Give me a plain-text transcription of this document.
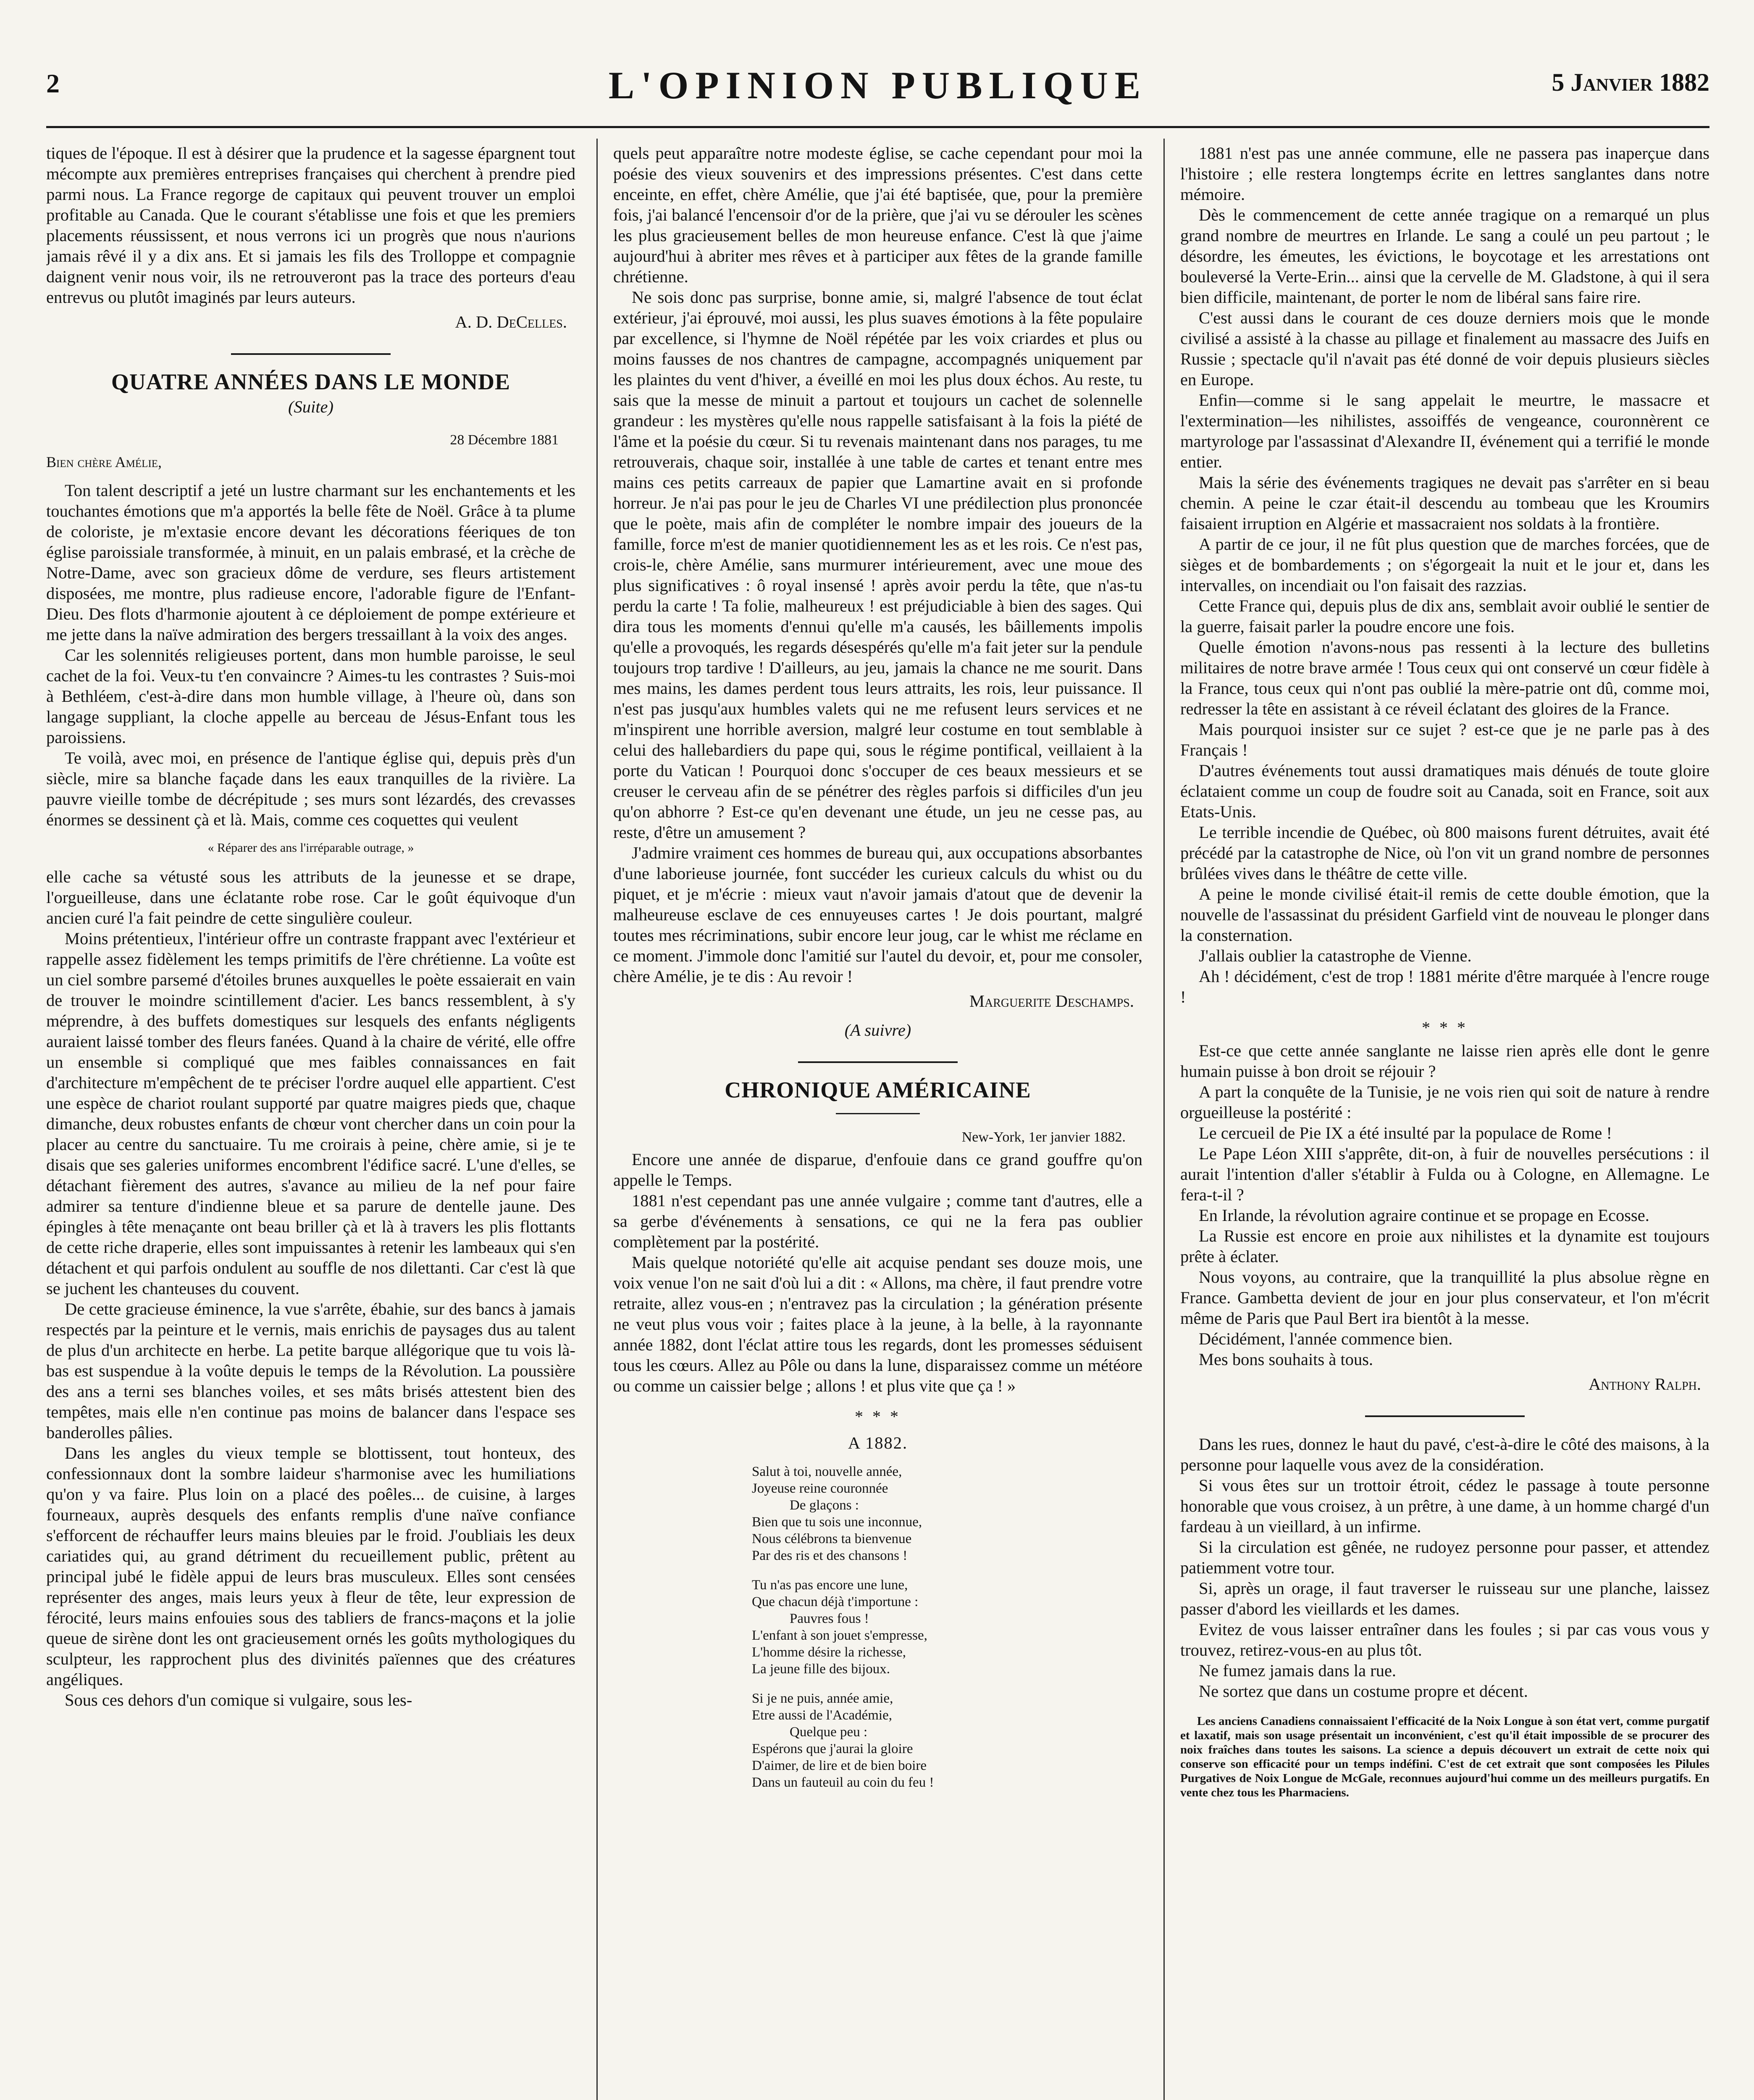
2	L'OPINION PUBLIQUE	5 Janvier 1882

tiques de l'époque. Il est à désirer que la prudence et la sagesse épargnent tout mécompte aux premières entreprises françaises qui cherchent à prendre pied parmi nous. La France regorge de capitaux qui peuvent trouver un emploi profitable au Canada. Que le courant s'établisse une fois et que les premiers placements réussissent, et nous verrons ici un progrès que nous n'aurions jamais rêvé il y a dix ans. Et si jamais les fils des Trolloppe et compagnie daignent venir nous voir, ils ne retrouveront pas la trace des porteurs d'eau entrevus ou plutôt imaginés par leurs auteurs.

A. D. DeCelles.

QUATRE ANNÉES DANS LE MONDE

(Suite)

28 Décembre 1881

Bien chère Amélie,

Ton talent descriptif a jeté un lustre charmant sur les enchantements et les touchantes émotions que m'a apportés la belle fête de Noël. Grâce à ta plume de coloriste, je m'extasie encore devant les décorations féeriques de ton église paroissiale transformée, à minuit, en un palais embrasé, et la crèche de Notre-Dame, avec son gracieux dôme de verdure, ses fleurs artistement disposées, me montre, plus radieuse encore, l'adorable figure de l'Enfant-Dieu. Des flots d'harmonie ajoutent à ce déploiement de pompe extérieure et me jette dans la naïve admiration des bergers tressaillant à la voix des anges.

Car les solennités religieuses portent, dans mon humble paroisse, le seul cachet de la foi. Veux-tu t'en convaincre ? Aimes-tu les contrastes ? Suis-moi à Bethléem, c'est-à-dire dans mon humble village, à l'heure où, dans son langage suppliant, la cloche appelle au berceau de Jésus-Enfant tous les paroissiens.

Te voilà, avec moi, en présence de l'antique église qui, depuis près d'un siècle, mire sa blanche façade dans les eaux tranquilles de la rivière. La pauvre vieille tombe de décrépitude ; ses murs sont lézardés, des crevasses énormes se dessinent çà et là. Mais, comme ces coquettes qui veulent

« Réparer des ans l'irréparable outrage, »

elle cache sa vétusté sous les attributs de la jeunesse et se drape, l'orgueilleuse, dans une éclatante robe rose. Car le goût équivoque d'un ancien curé l'a fait peindre de cette singulière couleur.

Moins prétentieux, l'intérieur offre un contraste frappant avec l'extérieur et rappelle assez fidèlement les temps primitifs de l'ère chrétienne. La voûte est un ciel sombre parsemé d'étoiles brunes auxquelles le poète essaierait en vain de trouver le moindre scintillement d'acier. Les bancs ressemblent, à s'y méprendre, à des buffets domestiques sur lesquels des enfants négligents auraient laissé tomber des fleurs fanées. Quand à la chaire de vérité, elle offre un ensemble si compliqué que mes faibles connaissances en fait d'architecture m'empêchent de te préciser l'ordre auquel elle appartient. C'est une espèce de chariot roulant supporté par quatre maigres pieds que, chaque dimanche, deux robustes enfants de chœur vont chercher dans un coin pour la placer au centre du sanctuaire. Tu me croirais à peine, chère amie, si je te disais que ses galeries uniformes encombrent l'édifice sacré. L'une d'elles, se détachant fièrement des autres, s'avance au milieu de la nef pour faire admirer sa tenture d'indienne bleue et sa parure de dentelle jaune. Des épingles à tête menaçante ont beau briller çà et là à travers les plis flottants de cette riche draperie, elles sont impuissantes à retenir les lambeaux qui s'en détachent et qui parfois ondulent au souffle de nos dilettanti. Car c'est là que se juchent les chanteuses du couvent.

De cette gracieuse éminence, la vue s'arrête, ébahie, sur des bancs à jamais respectés par la peinture et le vernis, mais enrichis de paysages dus au talent de plus d'un architecte en herbe. La petite barque allégorique que tu vois là-bas est suspendue à la voûte depuis le temps de la Révolution. La poussière des ans a terni ses blanches voiles, et ses mâts brisés attestent bien des tempêtes, mais elle n'en continue pas moins de balancer dans l'espace ses banderolles pâlies.

Dans les angles du vieux temple se blottissent, tout honteux, des confessionnaux dont la sombre laideur s'harmonise avec les humiliations qu'on y va faire. Plus loin on a placé des poêles... de cuisine, à larges fourneaux, auprès desquels des enfants remplis d'une naïve confiance s'efforcent de réchauffer leurs mains bleuies par le froid. J'oubliais les deux cariatides qui, au grand détriment du recueillement public, prêtent au principal jubé le fidèle appui de leurs bras musculeux. Elles sont censées représenter des anges, mais leurs yeux à fleur de tête, leur expression de férocité, leurs mains enfouies sous des tabliers de francs-maçons et la jolie queue de sirène dont les ont gracieusement ornés les goûts mythologiques du sculpteur, les rapprochent plus des divinités païennes que des créatures angéliques.

Sous ces dehors d'un comique si vulgaire, sous les-

quels peut apparaître notre modeste église, se cache cependant pour moi la poésie des vieux souvenirs et des impressions présentes. C'est dans cette enceinte, en effet, chère Amélie, que j'ai été baptisée, que, pour la première fois, j'ai balancé l'encensoir d'or de la prière, que j'ai vu se dérouler les scènes les plus gracieusement belles de mon heureuse enfance. C'est là que j'aime aujourd'hui à abriter mes rêves et à participer aux fêtes de la grande famille chrétienne.

Ne sois donc pas surprise, bonne amie, si, malgré l'absence de tout éclat extérieur, j'ai éprouvé, moi aussi, les plus suaves émotions à la fête populaire par excellence, si l'hymne de Noël répétée par les voix criardes et plus ou moins fausses de nos chantres de campagne, accompagnés uniquement par les plaintes du vent d'hiver, a éveillé en moi les plus doux échos. Au reste, tu sais que la messe de minuit a partout et toujours un cachet de solennelle grandeur : les mystères qu'elle nous rappelle satisfaisant à la fois la piété de l'âme et la poésie du cœur. Si tu revenais maintenant dans nos parages, tu me retrouverais, chaque soir, installée à une table de cartes et tenant entre mes mains ces petits carreaux de papier que Lamartine avait en si profonde horreur. Je n'ai pas pour le jeu de Charles VI une prédilection plus prononcée que le poète, mais afin de compléter le nombre impair des joueurs de la famille, force m'est de manier quotidiennement les as et les rois. Ce n'est pas, crois-le, chère Amélie, sans murmurer intérieurement, avec une moue des plus significatives : ô royal insensé ! après avoir perdu la tête, que n'as-tu perdu la carte ! Ta folie, malheureux ! est préjudiciable à bien des sages. Qui dira tous les moments d'ennui qu'elle m'a causés, les bâillements impolis qu'elle a provoqués, les regards désespérés qu'elle m'a fait jeter sur la pendule toujours trop tardive ! D'ailleurs, au jeu, jamais la chance ne me sourit. Dans mes mains, les dames perdent tous leurs attraits, les rois, leur puissance. Il n'est pas jusqu'aux humbles valets qui ne me refusent leurs services et ne m'inspirent une horrible aversion, malgré leur costume en tout semblable à celui des hallebardiers du pape qui, sous le régime pontifical, veillaient à la porte du Vatican ! Pourquoi donc s'occuper de ces beaux messieurs et se creuser le cerveau afin de se pénétrer des règles parfois si difficiles d'un jeu qu'on abhorre ? Est-ce qu'en devenant une étude, un jeu ne cesse pas, au reste, d'être un amusement ?

J'admire vraiment ces hommes de bureau qui, aux occupations absorbantes d'une laborieuse journée, font succéder les curieux calculs du whist ou du piquet, et je m'écrie : mieux vaut n'avoir jamais d'atout que de devenir la malheureuse esclave de ces ennuyeuses cartes ! Je dois pourtant, malgré toutes mes récriminations, subir encore leur joug, car le whist me réclame en ce moment. J'immole donc l'amitié sur l'autel du devoir, et, pour me consoler, chère Amélie, je te dis : Au revoir !

Marguerite Deschamps.

(A suivre)

CHRONIQUE AMÉRICAINE

New-York, 1er janvier 1882.

Encore une année de disparue, d'enfouie dans ce grand gouffre qu'on appelle le Temps.

1881 n'est cependant pas une année vulgaire ; comme tant d'autres, elle a sa gerbe d'événements à sensations, ce qui ne la fera pas oublier complètement par la postérité.

Mais quelque notoriété qu'elle ait acquise pendant ses douze mois, une voix venue l'on ne sait d'où lui a dit : « Allons, ma chère, il faut prendre votre retraite, allez vous-en ; n'entravez pas la circulation ; la génération présente ne veut plus vous voir ; faites place à la jeune, à la belle, à la rayonnante année 1882, dont l'éclat attire tous les regards, dont les promesses séduisent tous les cœurs. Allez au Pôle ou dans la lune, disparaissez comme un météore ou comme un caissier belge ; allons ! et plus vite que ça ! »

* * *

A 1882.

Salut à toi, nouvelle année,
Joyeuse reine couronnée
De glaçons :
Bien que tu sois une inconnue,
Nous célébrons ta bienvenue
Par des ris et des chansons !
Tu n'as pas encore une lune,
Que chacun déjà t'importune :
Pauvres fous !
L'enfant à son jouet s'empresse,
L'homme désire la richesse,
La jeune fille des bijoux.
Si je ne puis, année amie,
Etre aussi de l'Académie,
Quelque peu :
Espérons que j'aurai la gloire
D'aimer, de lire et de bien boire
Dans un fauteuil au coin du feu !

1881 n'est pas une année commune, elle ne passera pas inaperçue dans l'histoire ; elle restera longtemps écrite en lettres sanglantes dans notre mémoire.

Dès le commencement de cette année tragique on a remarqué un plus grand nombre de meurtres en Irlande. Le sang a coulé un peu partout ; le désordre, les émeutes, les évictions, le boycotage et les arrestations ont bouleversé la Verte-Erin... ainsi que la cervelle de M. Gladstone, à qui il sera bien difficile, maintenant, de porter le nom de libéral sans faire rire.

C'est aussi dans le courant de ces douze derniers mois que le monde civilisé a assisté à la chasse au pillage et finalement au massacre des Juifs en Russie ; spectacle qu'il n'avait pas été donné de voir depuis plusieurs siècles en Europe.

Enfin—comme si le sang appelait le meurtre, le massacre et l'extermination—les nihilistes, assoiffés de vengeance, couronnèrent ce martyrologe par l'assassinat d'Alexandre II, événement qui a terrifié le monde entier.

Mais la série des événements tragiques ne devait pas s'arrêter en si beau chemin. A peine le czar était-il descendu au tombeau que les Kroumirs faisaient irruption en Algérie et massacraient nos soldats à la frontière.

A partir de ce jour, il ne fût plus question que de marches forcées, que de sièges et de bombardements ; on s'égorgeait la nuit et le jour et, dans les intervalles, on incendiait ou l'on faisait des razzias.

Cette France qui, depuis plus de dix ans, semblait avoir oublié le sentier de la guerre, faisait parler la poudre encore une fois.

Quelle émotion n'avons-nous pas ressenti à la lecture des bulletins militaires de notre brave armée ! Tous ceux qui ont conservé un cœur fidèle à la France, tous ceux qui n'ont pas oublié la mère-patrie ont dû, comme moi, redresser la tête en assistant à ce réveil éclatant des gloires de la France.

Mais pourquoi insister sur ce sujet ? est-ce que je ne parle pas à des Français !

D'autres événements tout aussi dramatiques mais dénués de toute gloire éclataient comme un coup de foudre soit au Canada, soit en France, soit aux Etats-Unis.

Le terrible incendie de Québec, où 800 maisons furent détruites, avait été précédé par la catastrophe de Nice, où l'on vit un grand nombre de personnes brûlées vives dans le théâtre de cette ville.

A peine le monde civilisé était-il remis de cette double émotion, que la nouvelle de l'assassinat du président Garfield vint de nouveau le plonger dans la consternation.

J'allais oublier la catastrophe de Vienne.

Ah ! décidément, c'est de trop ! 1881 mérite d'être marquée à l'encre rouge !

* * *

Est-ce que cette année sanglante ne laisse rien après elle dont le genre humain puisse à bon droit se réjouir ?

A part la conquête de la Tunisie, je ne vois rien qui soit de nature à rendre orgueilleuse la postérité :

Le cercueil de Pie IX a été insulté par la populace de Rome !

Le Pape Léon XIII s'apprête, dit-on, à fuir de nouvelles persécutions : il aurait l'intention d'aller s'établir à Fulda ou à Cologne, en Allemagne. Le fera-t-il ?

En Irlande, la révolution agraire continue et se propage en Ecosse.

La Russie est encore en proie aux nihilistes et la dynamite est toujours prête à éclater.

Nous voyons, au contraire, que la tranquillité la plus absolue règne en France. Gambetta devient de jour en jour plus conservateur, et l'on m'écrit même de Paris que Paul Bert ira bientôt à la messe.

Décidément, l'année commence bien.

Mes bons souhaits à tous.

Anthony Ralph.

Dans les rues, donnez le haut du pavé, c'est-à-dire le côté des maisons, à la personne pour laquelle vous avez de la considération.

Si vous êtes sur un trottoir étroit, cédez le passage à toute personne honorable que vous croisez, à un prêtre, à une dame, à un homme chargé d'un fardeau à un vieillard, à un infirme.

Si la circulation est gênée, ne rudoyez personne pour passer, et attendez patiemment votre tour.

Si, après un orage, il faut traverser le ruisseau sur une planche, laissez passer d'abord les vieillards et les dames.

Evitez de vous laisser entraîner dans les foules ; si par cas vous vous y trouvez, retirez-vous-en au plus tôt.

Ne fumez jamais dans la rue.

Ne sortez que dans un costume propre et décent.

Les anciens Canadiens connaissaient l'efficacité de la Noix Longue à son état vert, comme purgatif et laxatif, mais son usage présentait un inconvénient, c'est qu'il était impossible de se procurer des noix fraîches dans toutes les saisons. La science a depuis découvert un extrait de cette noix qui conserve son efficacité pour un temps indéfini. C'est de cet extrait que sont composées les Pilules Purgatives de Noix Longue de McGale, reconnues aujourd'hui comme un des meilleurs purgatifs. En vente chez tous les Pharmaciens.
